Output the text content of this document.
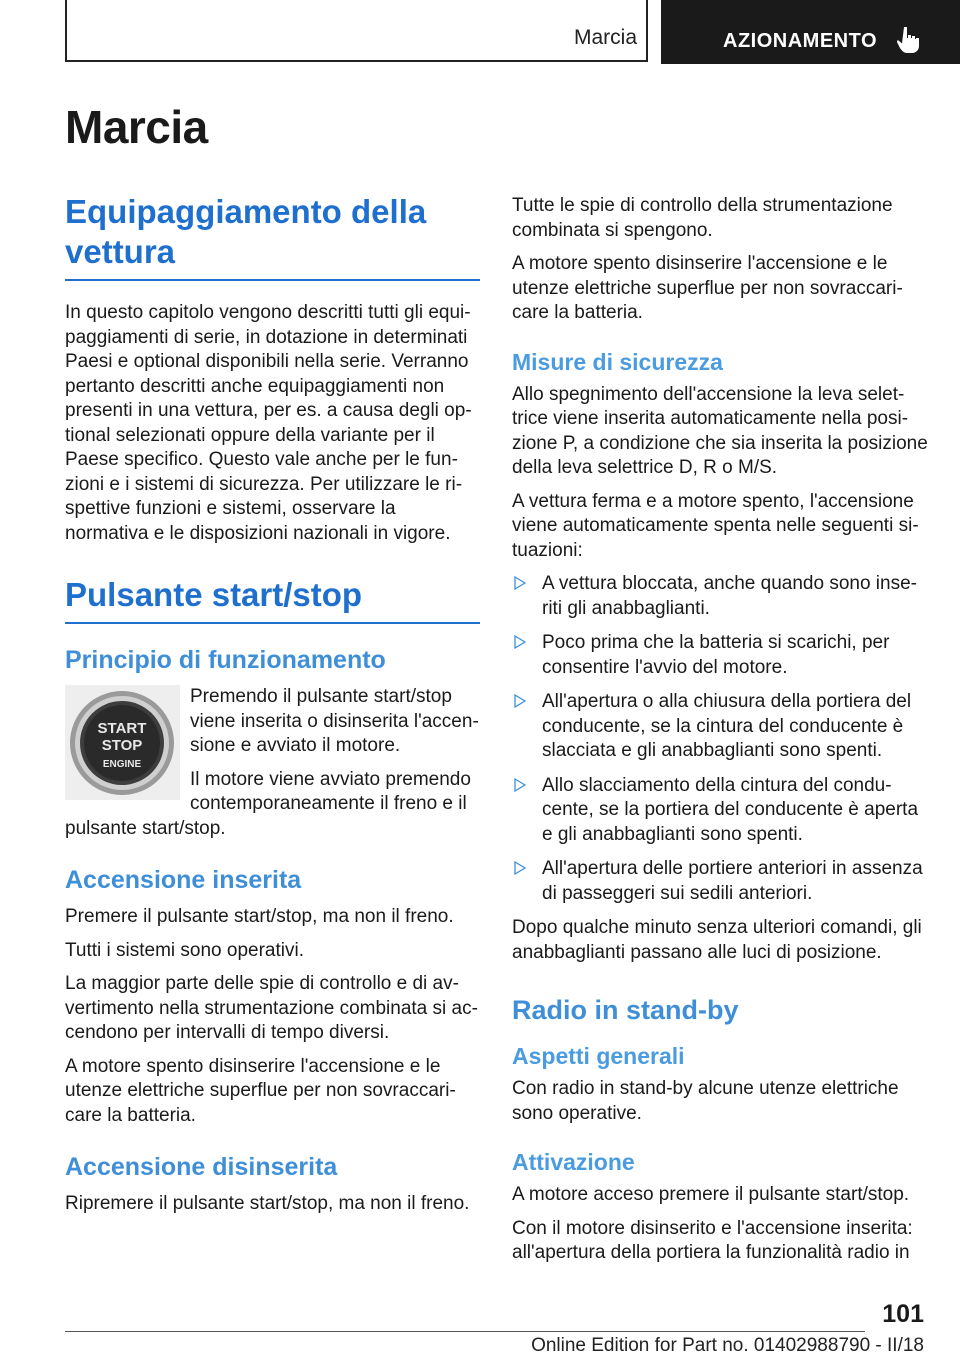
Marcia	AZIONAMENTO
Marcia
Equipaggiamento della vettura

In questo capitolo vengono descritti tutti gli equipaggiamenti di serie, in dotazione in determinati Paesi e optional disponibili nella serie. Verranno pertanto descritti anche equipaggiamenti non presenti in una vettura, per es. a causa degli optional selezionati oppure della variante per il Paese specifico. Questo vale anche per le funzioni e i sistemi di sicurezza. Per utilizzare le rispettive funzioni e sistemi, osservare la normativa e le disposizioni nazionali in vigore.

Pulsante start/stop
Principio di funzionamento
START
STOP
ENGINE

Premendo il pulsante start/stop viene inserita o disinserita l'accensione e avviato il motore.

Il motore viene avviato premendo contemporaneamente il freno e il pulsante start/stop.

Accensione inserita

Premere il pulsante start/stop, ma non il freno.

Tutti i sistemi sono operativi.

La maggior parte delle spie di controllo e di avvertimento nella strumentazione combinata si accendono per intervalli di tempo diversi.

A motore spento disinserire l'accensione e le utenze elettriche superflue per non sovraccaricare la batteria.

Accensione disinserita

Ripremere il pulsante start/stop, ma non il freno.

Tutte le spie di controllo della strumentazione combinata si spengono.

A motore spento disinserire l'accensione e le utenze elettriche superflue per non sovraccaricare la batteria.

Misure di sicurezza

Allo spegnimento dell'accensione la leva selettrice viene inserita automaticamente nella posizione P, a condizione che sia inserita la posizione della leva selettrice D, R o M/S.

A vettura ferma e a motore spento, l'accensione viene automaticamente spenta nelle seguenti situazioni:

A vettura bloccata, anche quando sono inseriti gli anabbaglianti.
Poco prima che la batteria si scarichi, per consentire l'avvio del motore.
All'apertura o alla chiusura della portiera del conducente, se la cintura del conducente è slacciata e gli anabbaglianti sono spenti.
Allo slacciamento della cintura del conducente, se la portiera del conducente è aperta e gli anabbaglianti sono spenti.
All'apertura delle portiere anteriori in assenza di passeggeri sui sedili anteriori.

Dopo qualche minuto senza ulteriori comandi, gli anabbaglianti passano alle luci di posizione.

Radio in stand-by
Aspetti generali

Con radio in stand-by alcune utenze elettriche sono operative.

Attivazione

A motore acceso premere il pulsante start/stop.

Con il motore disinserito e l'accensione inserita: all'apertura della portiera la funzionalità radio in

101
Online Edition for Part no. 01402988790 - II/18
